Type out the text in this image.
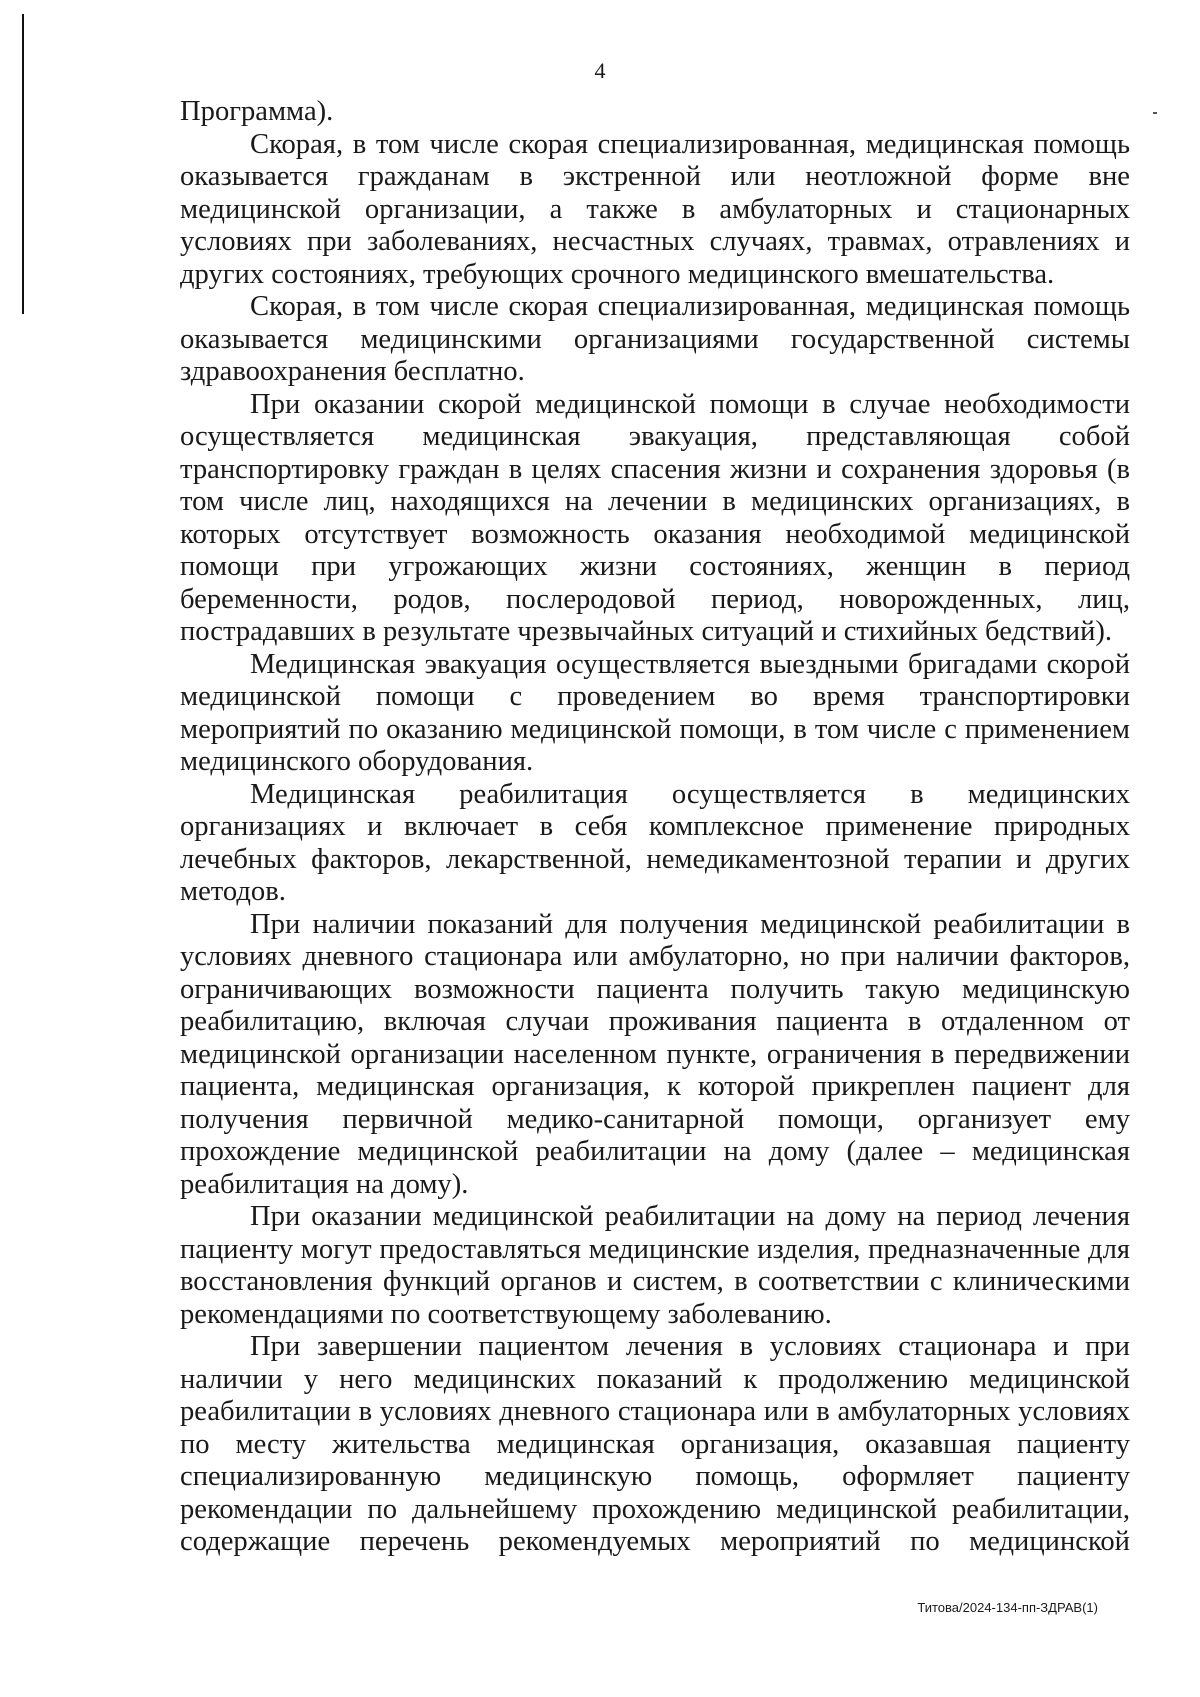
4

Программа).

Скорая, в том числе скорая специализированная, медицинская помощь оказывается гражданам в экстренной или неотложной форме вне медицинской организации, а также в амбулаторных и стационарных условиях при заболеваниях, несчастных случаях, травмах, отравлениях и других состояниях, требующих срочного медицинского вмешательства.

Скорая, в том числе скорая специализированная, медицинская помощь оказывается медицинскими организациями государственной системы здравоохранения бесплатно.

При оказании скорой медицинской помощи в случае необходимости осуществляется медицинская эвакуация, представляющая собой транспортировку граждан в целях спасения жизни и сохранения здоровья (в том числе лиц, находящихся на лечении в медицинских организациях, в которых отсутствует возможность оказания необходимой медицинской помощи при угрожающих жизни состояниях, женщин в период беременности, родов, послеродовой период, новорожденных, лиц, пострадавших в результате чрезвычайных ситуаций и стихийных бедствий).

Медицинская эвакуация осуществляется выездными бригадами скорой медицинской помощи с проведением во время транспортировки мероприятий по оказанию медицинской помощи, в том числе с применением медицинского оборудования.

Медицинская реабилитация осуществляется в медицинских организациях и включает в себя комплексное применение природных лечебных факторов, лекарственной, немедикаментозной терапии и других методов.

При наличии показаний для получения медицинской реабилитации в условиях дневного стационара или амбулаторно, но при наличии факторов, ограничивающих возможности пациента получить такую медицинскую реабилитацию, включая случаи проживания пациента в отдаленном от медицинской организации населенном пункте, ограничения в передвижении пациента, медицинская организация, к которой прикреплен пациент для получения первичной медико-санитарной помощи, организует ему прохождение медицинской реабилитации на дому (далее – медицинская реабилитация на дому).

При оказании медицинской реабилитации на дому на период лечения пациенту могут предоставляться медицинские изделия, предназначенные для восстановления функций органов и систем, в соответствии с клиническими рекомендациями по соответствующему заболеванию.

При завершении пациентом лечения в условиях стационара и при наличии у него медицинских показаний к продолжению медицинской реабилитации в условиях дневного стационара или в амбулаторных условиях по месту жительства медицинская организация, оказавшая пациенту специализированную медицинскую помощь, оформляет пациенту рекомендации по дальнейшему прохождению медицинской реабилитации, содержащие перечень рекомендуемых мероприятий по медицинской

Титова/2024-134-пп-ЗДРАВ(1)
